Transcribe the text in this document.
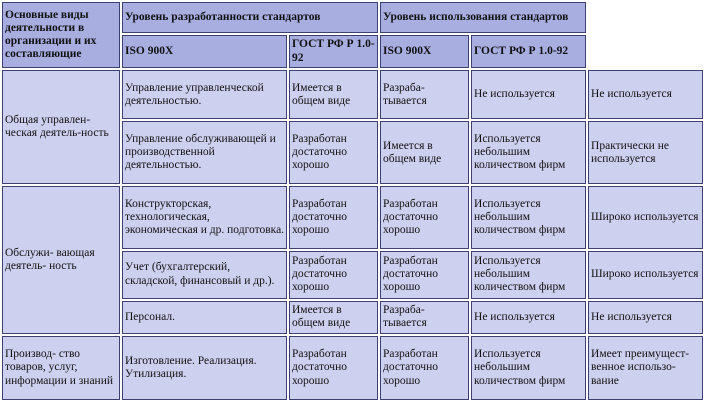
Основные виды деятельности в организации и их составляющие	Уровень разработанности стандартов		Уровень использования стандартов		
	ISO 900X	ГОСТ РФ Р 1.0-92	ISO 900X	ГОСТ РФ Р 1.0-92	
Общая управлен-ческая деятель-ность	Управление управленческой деятельностью.	Имеется в общем виде	Разраба-тывается	Не используется	Не используется
	Управление обслуживающей и производственной деятельностью.	Разработан достаточно хорошо	Имеется в общем виде	Используется небольшим количеством фирм	Практически не используется
Обслужи- вающая деятель- ность	Конструкторская, технологическая, экономическая и др. подготовка.	Разработан достаточно хорошо	Разработан достаточно хорошо	Используется небольшим количеством фирм	Широко используется
	Учет (бухгалтерский, складской, финансовый и др.).	Разработан достаточно хорошо	Разработан достаточно хорошо	Используется небольшим количеством фирм	Широко используется
	Персонал.	Имеется в общем виде	Разраба-тывается	Не используется	Не используется
Производ- ство товаров, услуг, информации и знаний	Изготовление. Реализация. Утилизация.	Разработан достаточно хорошо	Разработан достаточно хорошо	Используется небольшим количеством фирм	Имеет преимущест-венное использо-вание
